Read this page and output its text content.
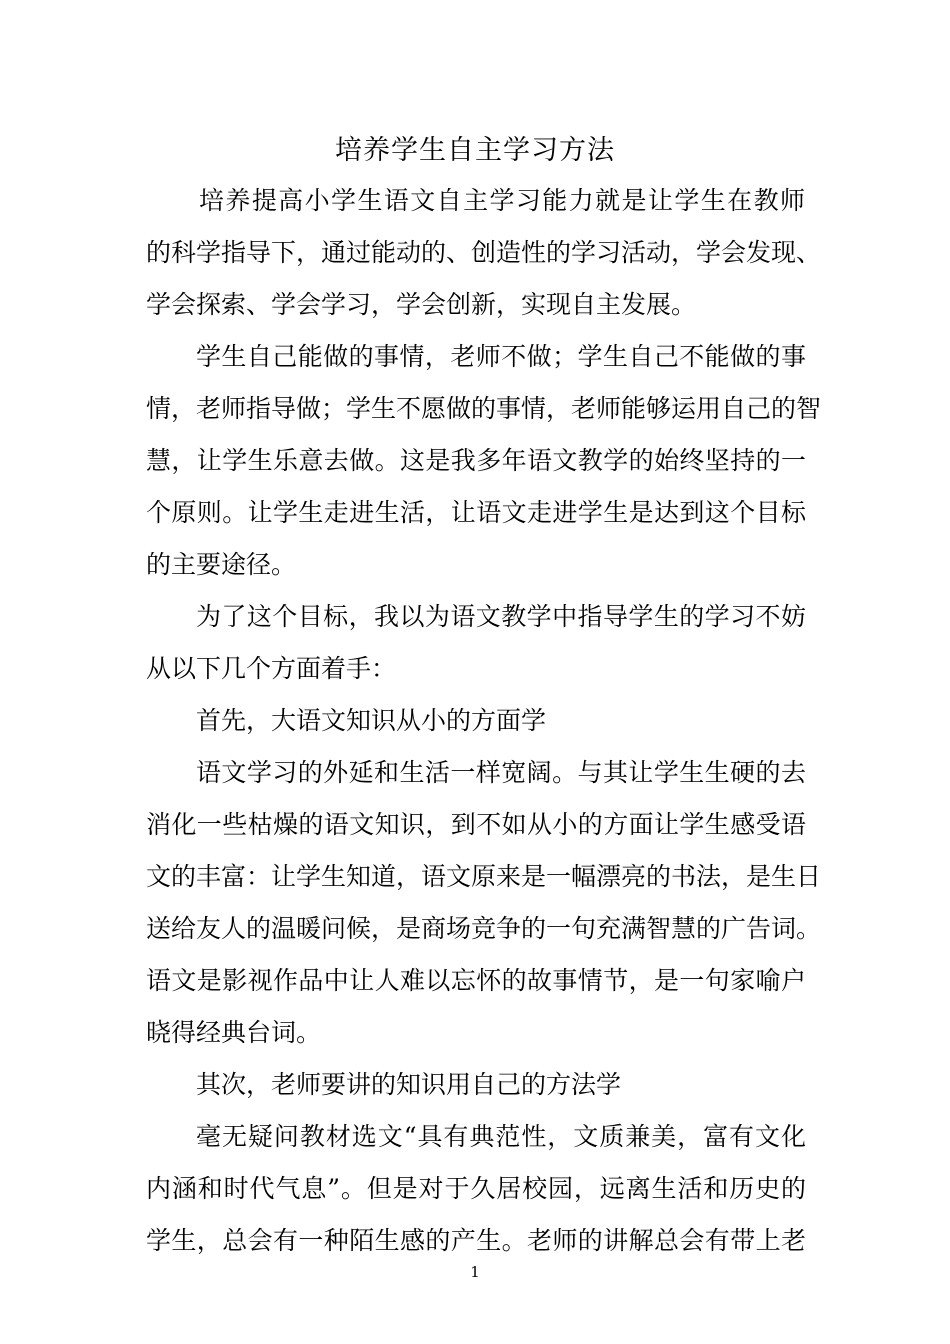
培养学生自主学习方法
培养提高小学生语文自主学习能力就是让学生在教师
的科学指导下，通过能动的、创造性的学习活动，学会发现、
学会探索、学会学习，学会创新，实现自主发展。
学生自己能做的事情，老师不做；学生自己不能做的事
情，老师指导做；学生不愿做的事情，老师能够运用自己的智
慧，让学生乐意去做。这是我多年语文教学的始终坚持的一
个原则。让学生走进生活，让语文走进学生是达到这个目标
的主要途径。
为了这个目标，我以为语文教学中指导学生的学习不妨
从以下几个方面着手：
首先，大语文知识从小的方面学
语文学习的外延和生活一样宽阔。与其让学生生硬的去
消化一些枯燥的语文知识，到不如从小的方面让学生感受语
文的丰富：让学生知道，语文原来是一幅漂亮的书法，是生日
送给友人的温暖问候，是商场竞争的一句充满智慧的广告词。
语文是影视作品中让人难以忘怀的故事情节，是一句家喻户
晓得经典台词。
其次，老师要讲的知识用自己的方法学
毫无疑问教材选文“具有典范性，文质兼美，富有文化
内涵和时代气息”。但是对于久居校园，远离生活和历史的
学生，总会有一种陌生感的产生。老师的讲解总会有带上老
1
